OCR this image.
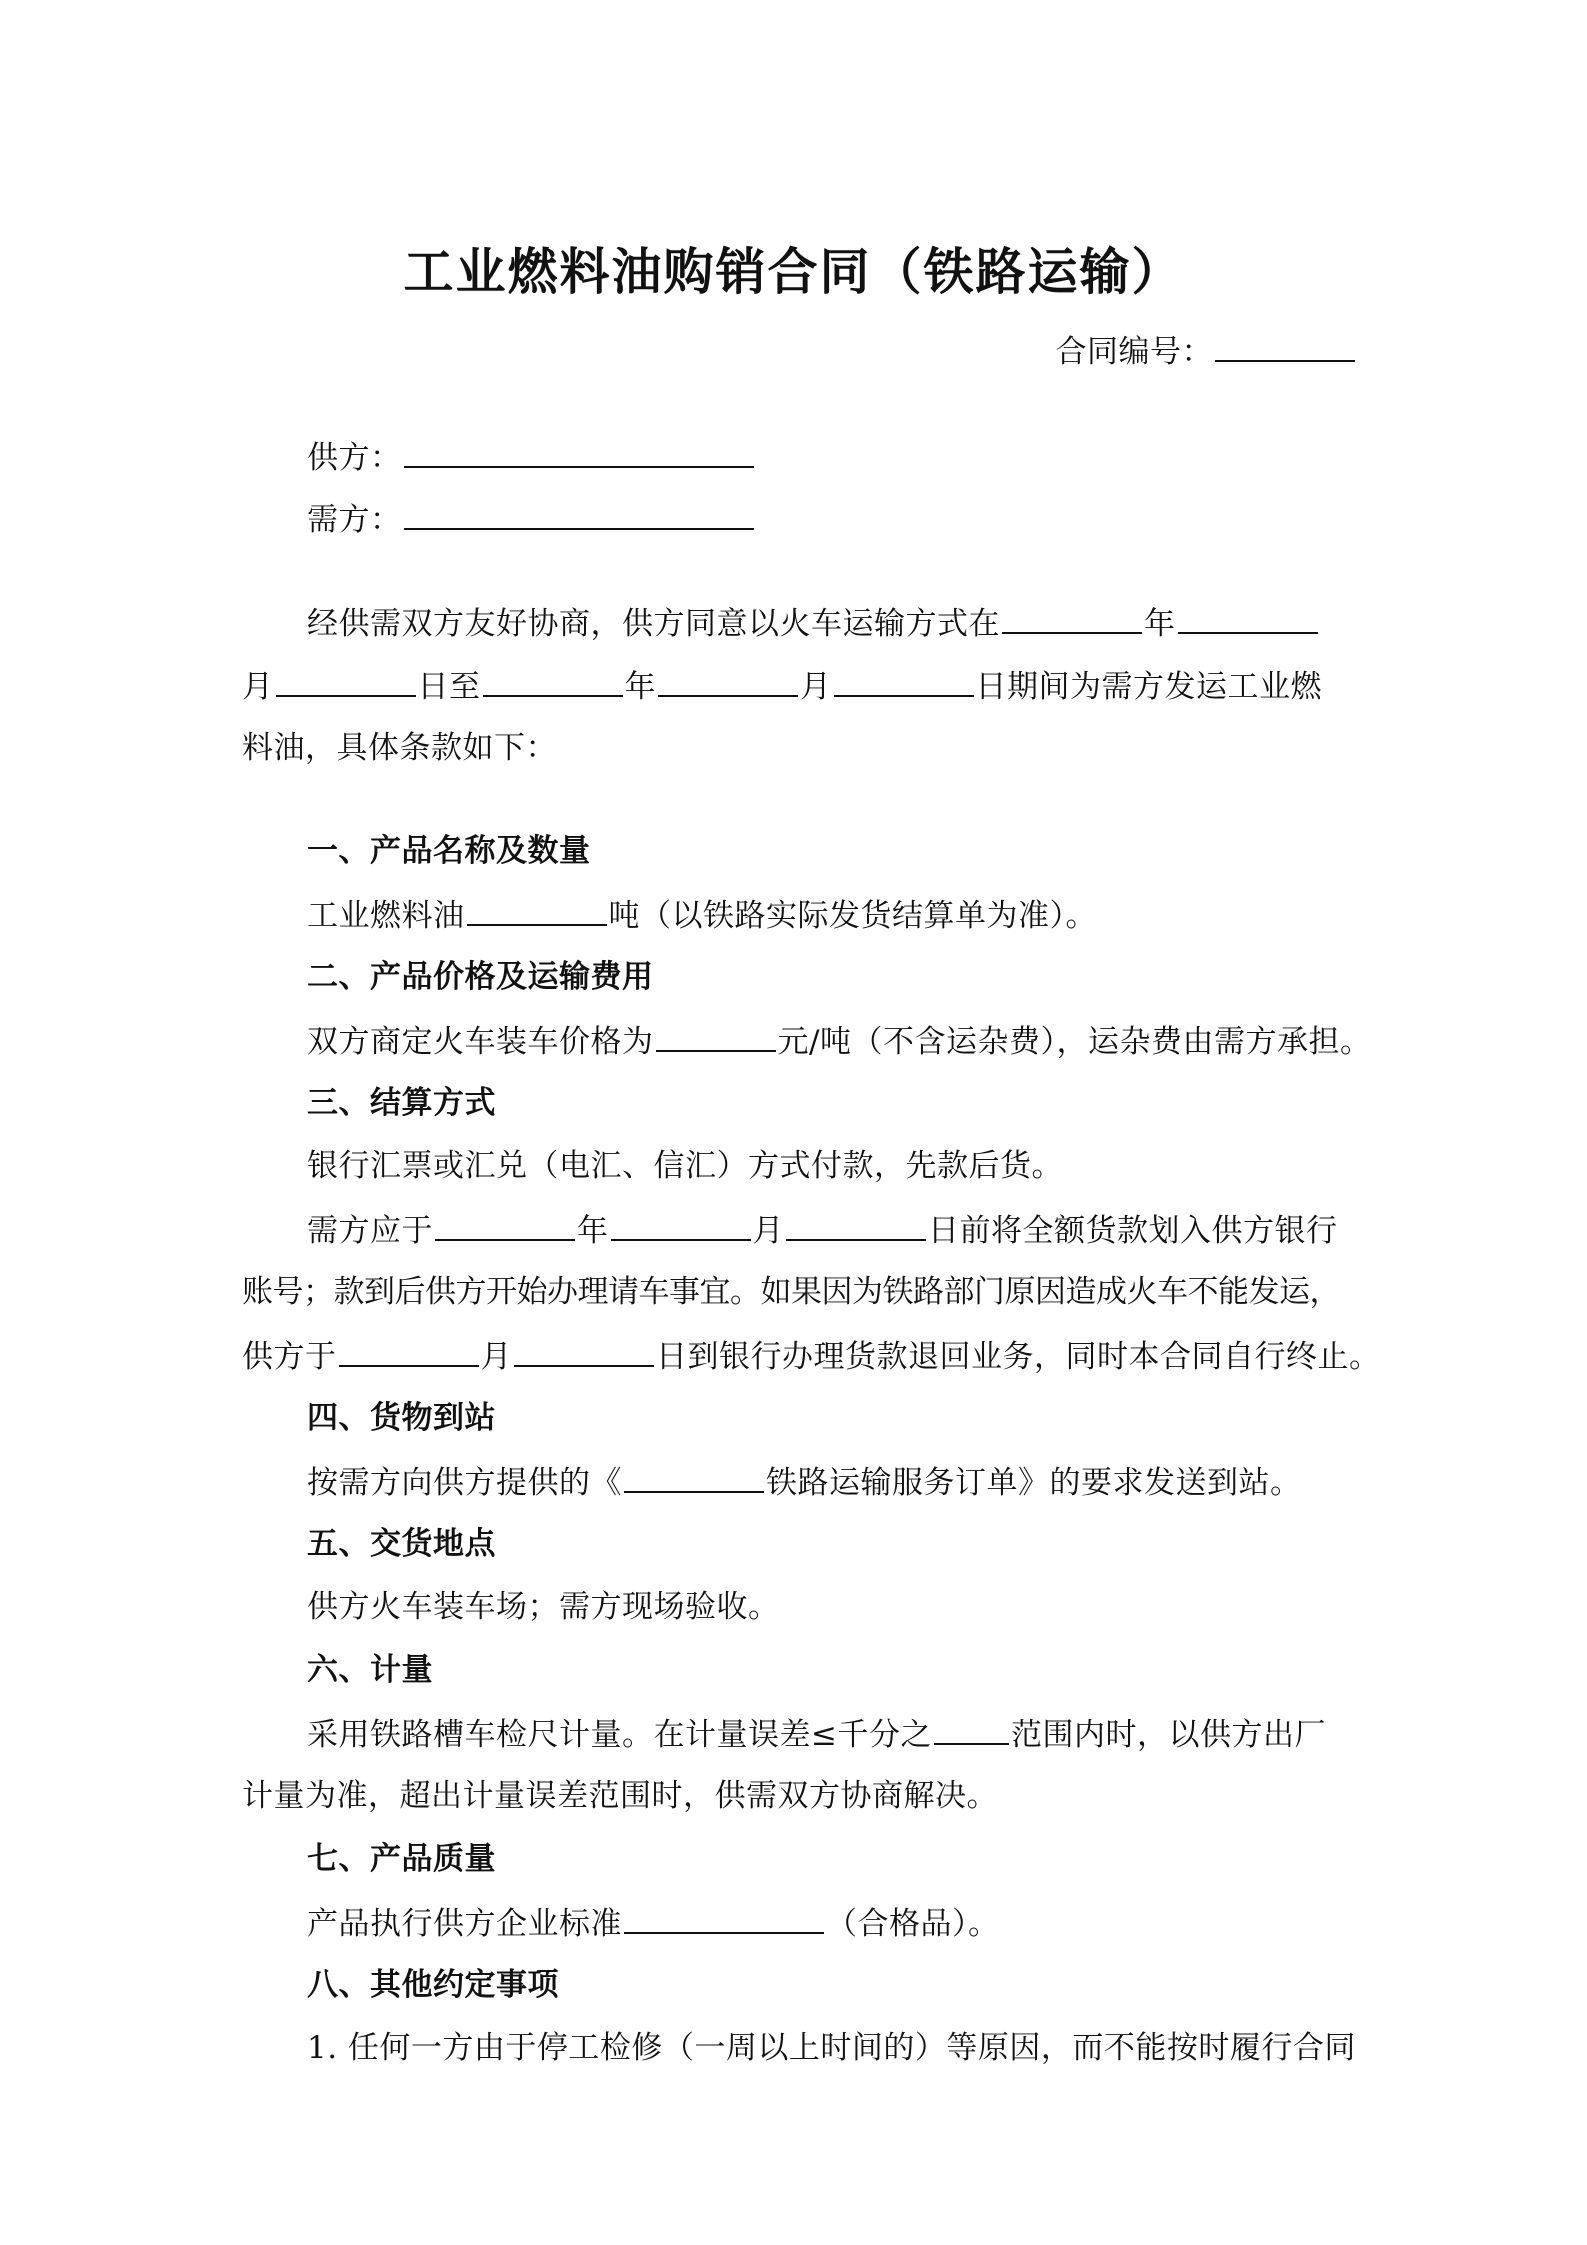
工业燃料油购销合同（铁路运输）
合同编号：
供方：
需方：
经供需双方友好协商，供方同意以火车运输方式在	年
月	日至	年	月	日期间为需方发运工业燃
料油，具体条款如下：
一、产品名称及数量
工业燃料油	吨（以铁路实际发货结算单为准）。
二、产品价格及运输费用
双方商定火车装车价格为	元/吨（不含运杂费），运杂费由需方承担。
三、结算方式
银行汇票或汇兑（电汇、信汇）方式付款，先款后货。
需方应于	年	月	日前将全额货款划入供方银行
账号；款到后供方开始办理请车事宜。如果因为铁路部门原因造成火车不能发运，
供方于	月	日到银行办理货款退回业务，同时本合同自行终止。
四、货物到站
按需方向供方提供的《	铁路运输服务订单》的要求发送到站。
五、交货地点
供方火车装车场；需方现场验收。
六、计量
采用铁路槽车检尺计量。在计量误差≤千分之	范围内时，以供方出厂
计量为准，超出计量误差范围时，供需双方协商解决。
七、产品质量
产品执行供方企业标准	（合格品）。
八、其他约定事项
1. 任何一方由于停工检修（一周以上时间的）等原因，而不能按时履行合同
